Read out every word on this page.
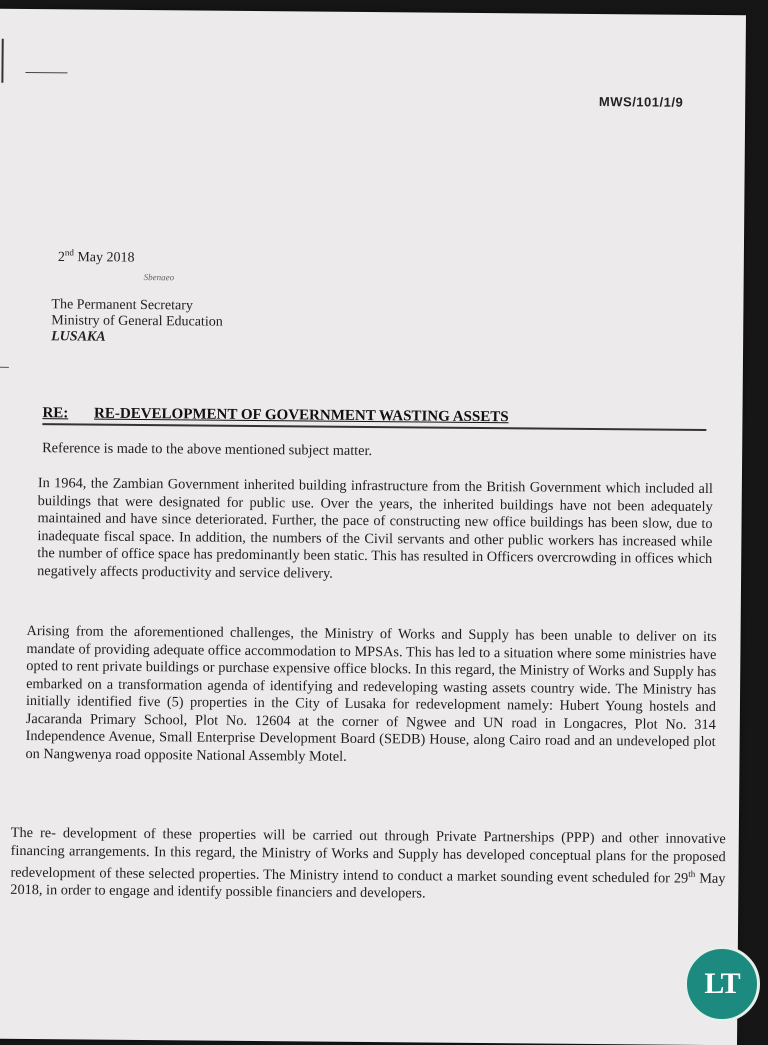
MWS/101/1/9
2nd May 2018
Sbenaeo
The Permanent Secretary
Ministry of General Education
LUSAKA
RE: RE-DEVELOPMENT OF GOVERNMENT WASTING ASSETS

Reference is made to the above mentioned subject matter.

In 1964, the Zambian Government inherited building infrastructure from the British Government which included all buildings that were designated for public use. Over the years, the inherited buildings have not been adequately maintained and have since deteriorated. Further, the pace of constructing new office buildings has been slow, due to inadequate fiscal space. In addition, the numbers of the Civil servants and other public workers has increased while the number of office space has predominantly been static. This has resulted in Officers overcrowding in offices which negatively affects productivity and service delivery.

Arising from the aforementioned challenges, the Ministry of Works and Supply has been unable to deliver on its mandate of providing adequate office accommodation to MPSAs. This has led to a situation where some ministries have opted to rent private buildings or purchase expensive office blocks. In this regard, the Ministry of Works and Supply has embarked on a transformation agenda of identifying and redeveloping wasting assets country wide. The Ministry has initially identified five (5) properties in the City of Lusaka for redevelopment namely: Hubert Young hostels and Jacaranda Primary School, Plot No. 12604 at the corner of Ngwee and UN road in Longacres, Plot No. 314 Independence Avenue, Small Enterprise Development Board (SEDB) House, along Cairo road and an undeveloped plot on Nangwenya road opposite National Assembly Motel.

The re- development of these properties will be carried out through Private Partnerships (PPP) and other innovative financing arrangements. In this regard, the Ministry of Works and Supply has developed conceptual plans for the proposed redevelopment of these selected properties. The Ministry intend to conduct a market sounding event scheduled for 29th May 2018, in order to engage and identify possible financiers and developers.

LT
